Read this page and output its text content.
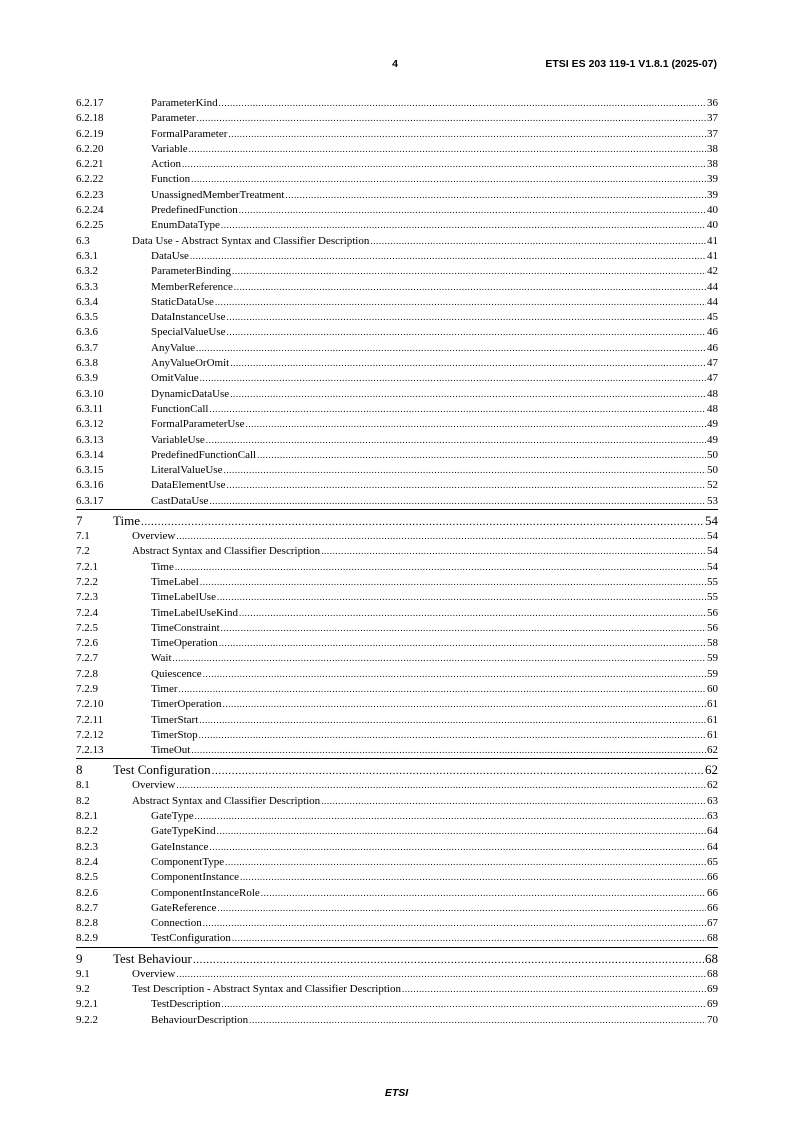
4	ETSI ES 203 119-1 V1.8.1 (2025-07)
6.2.17	ParameterKind .....	36
6.2.18	Parameter .....	37
6.2.19	FormalParameter .....	37
6.2.20	Variable .....	38
6.2.21	Action .....	38
6.2.22	Function .....	39
6.2.23	UnassignedMemberTreatment .....	39
6.2.24	PredefinedFunction .....	40
6.2.25	EnumDataType .....	40
6.3	Data Use - Abstract Syntax and Classifier Description .....	41
6.3.1	DataUse .....	41
6.3.2	ParameterBinding .....	42
6.3.3	MemberReference .....	44
6.3.4	StaticDataUse .....	44
6.3.5	DataInstanceUse .....	45
6.3.6	SpecialValueUse .....	46
6.3.7	AnyValue .....	46
6.3.8	AnyValueOrOmit .....	47
6.3.9	OmitValue .....	47
6.3.10	DynamicDataUse .....	48
6.3.11	FunctionCall .....	48
6.3.12	FormalParameterUse .....	49
6.3.13	VariableUse .....	49
6.3.14	PredefinedFunctionCall .....	50
6.3.15	LiteralValueUse .....	50
6.3.16	DataElementUse .....	52
6.3.17	CastDataUse .....	53
7 Time .....	54
7.1	Overview .....	54
7.2	Abstract Syntax and Classifier Description .....	54
7.2.1	Time .....	54
7.2.2	TimeLabel .....	55
7.2.3	TimeLabelUse .....	55
7.2.4	TimeLabelUseKind .....	56
7.2.5	TimeConstraint .....	56
7.2.6	TimeOperation .....	58
7.2.7	Wait .....	59
7.2.8	Quiescence .....	59
7.2.9	Timer .....	60
7.2.10	TimerOperation .....	61
7.2.11	TimerStart .....	61
7.2.12	TimerStop .....	61
7.2.13	TimeOut .....	62
8 Test Configuration .....	62
8.1	Overview .....	62
8.2	Abstract Syntax and Classifier Description .....	63
8.2.1	GateType .....	63
8.2.2	GateTypeKind .....	64
8.2.3	GateInstance .....	64
8.2.4	ComponentType .....	65
8.2.5	ComponentInstance .....	66
8.2.6	ComponentInstanceRole .....	66
8.2.7	GateReference .....	66
8.2.8	Connection .....	67
8.2.9	TestConfiguration .....	68
9 Test Behaviour .....	68
9.1	Overview .....	68
9.2	Test Description - Abstract Syntax and Classifier Description .....	69
9.2.1	TestDescription .....	69
9.2.2	BehaviourDescription .....	70
ETSI
